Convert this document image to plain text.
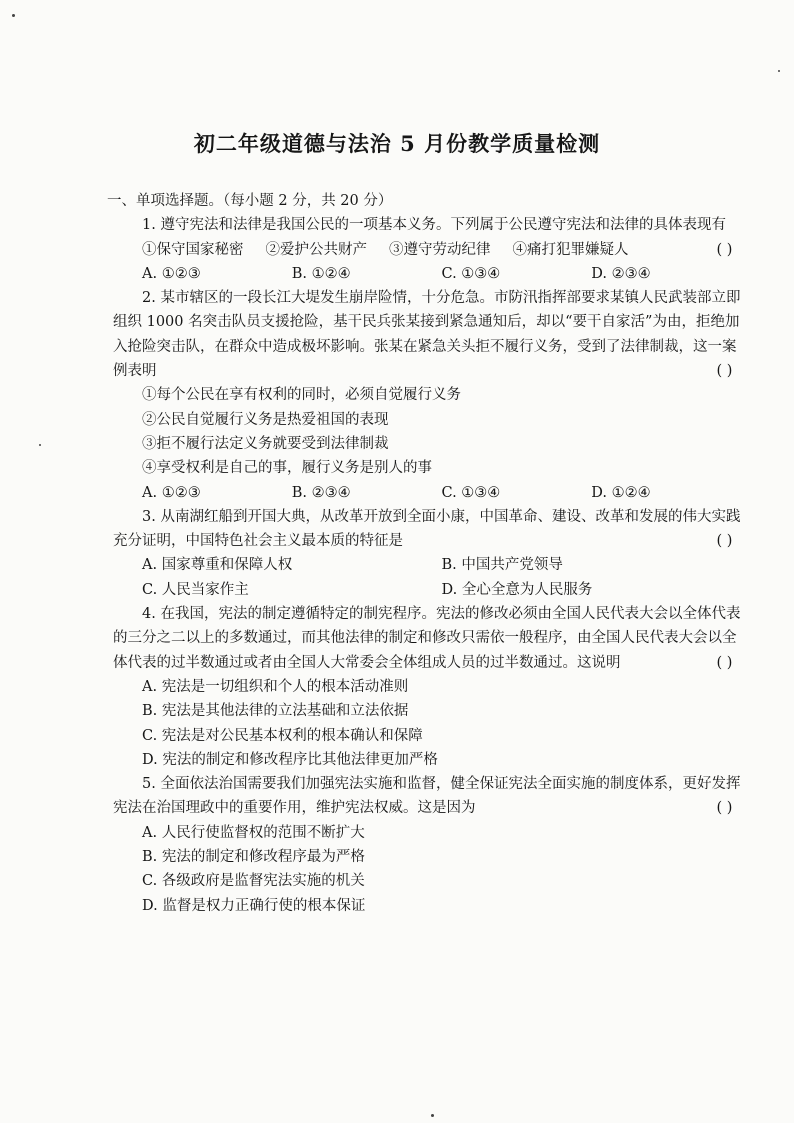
初二年级道德与法治 5 月份教学质量检测
一、单项选择题。（每小题 2 分，共 20 分）
1. 遵守宪法和法律是我国公民的一项基本义务。下列属于公民遵守宪法和法律的具体表现有
( )
①保守国家秘密 ②爱护公共财产 ③遵守劳动纪律 ④痛打犯罪嫌疑人
A. ①②③	B. ①②④	C. ①③④	D. ②③④
2. 某市辖区的一段长江大堤发生崩岸险情，十分危急。市防汛指挥部要求某镇人民武装部立即组织 1000 名突击队员支援抢险，基干民兵张某接到紧急通知后，却以“要干自家活”为由，拒绝加入抢险突击队，在群众中造成极坏影响。张某在紧急关头拒不履行义务，受到了法律制裁，这一案例表明	( )
①每个公民在享有权利的同时，必须自觉履行义务
②公民自觉履行义务是热爱祖国的表现
③拒不履行法定义务就要受到法律制裁
④享受权利是自己的事，履行义务是别人的事
A. ①②③	B. ②③④	C. ①③④	D. ①②④
3. 从南湖红船到开国大典，从改革开放到全面小康，中国革命、建设、改革和发展的伟大实践充分证明，中国特色社会主义最本质的特征是	( )
A. 国家尊重和保障人权	B. 中国共产党领导
C. 人民当家作主	D. 全心全意为人民服务
4. 在我国，宪法的制定遵循特定的制宪程序。宪法的修改必须由全国人民代表大会以全体代表的三分之二以上的多数通过，而其他法律的制定和修改只需依一般程序，由全国人民代表大会以全体代表的过半数通过或者由全国人大常委会全体组成人员的过半数通过。这说明	( )
A. 宪法是一切组织和个人的根本活动准则
B. 宪法是其他法律的立法基础和立法依据
C. 宪法是对公民基本权利的根本确认和保障
D. 宪法的制定和修改程序比其他法律更加严格
5. 全面依法治国需要我们加强宪法实施和监督，健全保证宪法全面实施的制度体系，更好发挥宪法在治国理政中的重要作用，维护宪法权威。这是因为	( )
A. 人民行使监督权的范围不断扩大
B. 宪法的制定和修改程序最为严格
C. 各级政府是监督宪法实施的机关
D. 监督是权力正确行使的根本保证
